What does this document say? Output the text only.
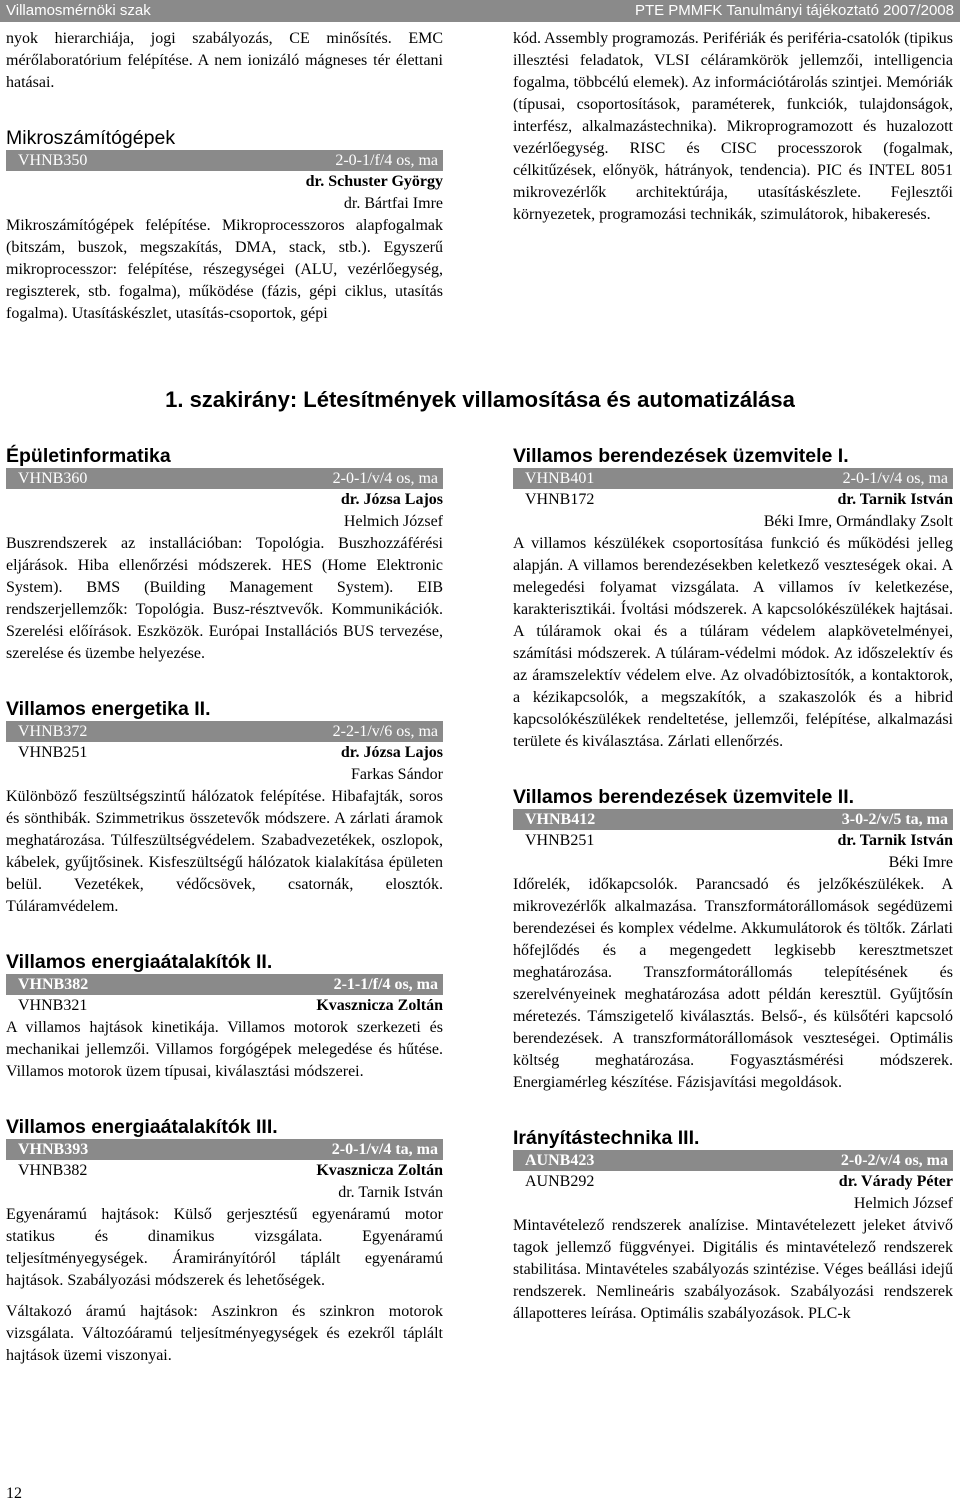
Villamosmérnöki szak	PTE PMMFK Tanulmányi tájékoztató 2007/2008
nyok hierarchiája, jogi szabályozás, CE minősítés. EMC mérőlaboratórium felépítése. A nem ionizáló mágneses tér élettani hatásai.
Mikroszámítógépek
VHNB350	2-0-1/f/4 os, ma
dr. Schuster György
dr. Bártfai Imre
Mikroszámítógépek felépítése. Mikroprocesszoros alapfogalmak (bitszám, buszok, megszakítás, DMA, stack, stb.). Egyszerű mikroprocesszor: felépítése, részegységei (ALU, vezérlőegység, regiszterek, stb. fogalma), működése (fázis, gépi ciklus, utasítás fogalma). Utasításkészlet, utasítás-csoportok, gépi
kód. Assembly programozás. Perifériák és periféria-csatolók (tipikus illesztési feladatok, VLSI céláramkörök jellemzői, intelligencia fogalma, többcélú elemek). Az információtárolás szintjei. Memóriák (típusai, csoportosítások, paraméterek, funkciók, tulajdonságok, interfész, alkalmazástechnika). Mikroprogramozott és huzalozott vezérlőegység. RISC és CISC processzorok (fogalmak, célkitűzések, előnyök, hátrányok, tendencia). PIC és INTEL 8051 mikrovezérlők architektúrája, utasításkészlete. Fejlesztői környezetek, programozási technikák, szimulátorok, hibakeresés.
1. szakirány: Létesítmények villamosítása és automatizálása
Épületinformatika
VHNB360	2-0-1/v/4 os, ma
dr. Józsa Lajos
Helmich József

Buszrendszerek az installációban: Topológia. Buszhozzáférési eljárások. Hiba ellenőrzési módszerek. HES (Home Elektronic System). BMS (Building Management System). EIB rendszerjellemzők: Topológia. Busz-résztvevők. Kommunikációk. Szerelési előírások. Eszközök. Európai Installációs BUS tervezése, szerelése és üzembe helyezése.

Villamos energetika II.
VHNB372	2-2-1/v/6 os, ma
VHNB251	dr. Józsa Lajos
Farkas Sándor

Különböző feszültségszintű hálózatok felépítése. Hibafajták, soros és sönthibák. Szimmetrikus összetevők módszere. A zárlati áramok meghatározása. Túlfeszültségvédelem. Szabadvezetékek, oszlopok, kábelek, gyűjtősinek. Kisfeszültségű hálózatok kialakítása épületen belül. Vezetékek, védőcsövek, csatornák, elosztók. Túláramvédelem.

Villamos energiaátalakítók II.
VHNB382	2-1-1/f/4 os, ma
VHNB321	Kvasznicza Zoltán

A villamos hajtások kinetikája. Villamos motorok szerkezeti és mechanikai jellemzői. Villamos forgógépek melegedése és hűtése. Villamos motorok üzem típusai, kiválasztási módszerei.

Villamos energiaátalakítók III.
VHNB393	2-0-1/v/4 ta, ma
VHNB382	Kvasznicza Zoltán
dr. Tarnik István

Egyenáramú hajtások: Külső gerjesztésű egyenáramú motor statikus és dinamikus vizsgálata. Egyenáramú teljesítményegységek. Áramirányítóról táplált egyenáramú hajtások. Szabályozási módszerek és lehetőségek.

Váltakozó áramú hajtások: Aszinkron és szinkron motorok vizsgálata. Változóáramú teljesítményegységek és ezekről táplált hajtások üzemi viszonyai.

Villamos berendezések üzemvitele I.
VHNB401	2-0-1/v/4 os, ma
VHNB172	dr. Tarnik István
Béki Imre, Ormándlaky Zsolt

A villamos készülékek csoportosítása funkció és működési jelleg alapján. A villamos berendezésekben keletkező veszteségek okai. A melegedési folyamat vizsgálata. A villamos ív keletkezése, karakterisztikái. Ívoltási módszerek. A kapcsolókészülékek hajtásai. A túláramok okai és a túláram védelem alapkövetelményei, számítási módszerek. A túláram-védelmi módok. Az időszelektív és az áramszelektív védelem elve. Az olvadóbiztosítók, a kontaktorok, a kézikapcsolók, a megszakítók, a szakaszolók és a hibrid kapcsolókészülékek rendeltetése, jellemzői, felépítése, alkalmazási területe és kiválasztása. Zárlati ellenőrzés.

Villamos berendezések üzemvitele II.
VHNB412	3-0-2/v/5 ta, ma
VHNB251	dr. Tarnik István
Béki Imre

Időrelék, időkapcsolók. Parancsadó és jelzőkészülékek. A mikrovezérlők alkalmazása. Transzformátorállomások segédüzemi berendezései és komplex védelme. Akkumulátorok és töltők. Zárlati hőfejlődés és a megengedett legkisebb keresztmetszet meghatározása. Transzformátorállomás telepítésének és szerelvényeinek meghatározása adott példán keresztül. Gyűjtősín méretezés. Támszigetelő kiválasztás. Belső-, és külsőtéri kapcsoló berendezések. A transzformátorállomások veszteségei. Optimális költség meghatározása. Fogyasztásmérési módszerek. Energiamérleg készítése. Fázisjavítási megoldások.

Irányítástechnika III.
AUNB423	2-0-2/v/4 os, ma
AUNB292	dr. Várady Péter
Helmich József

Mintavételező rendszerek analízise. Mintavételezett jeleket átvivő tagok jellemző függvényei. Digitális és mintavételező rendszerek stabilitása. Mintavételes szabályozás szintézise. Véges beállási idejű rendszerek. Nemlineáris szabályozások. Szabályozási rendszerek állapotteres leírása. Optimális szabályozások. PLC-k

12
